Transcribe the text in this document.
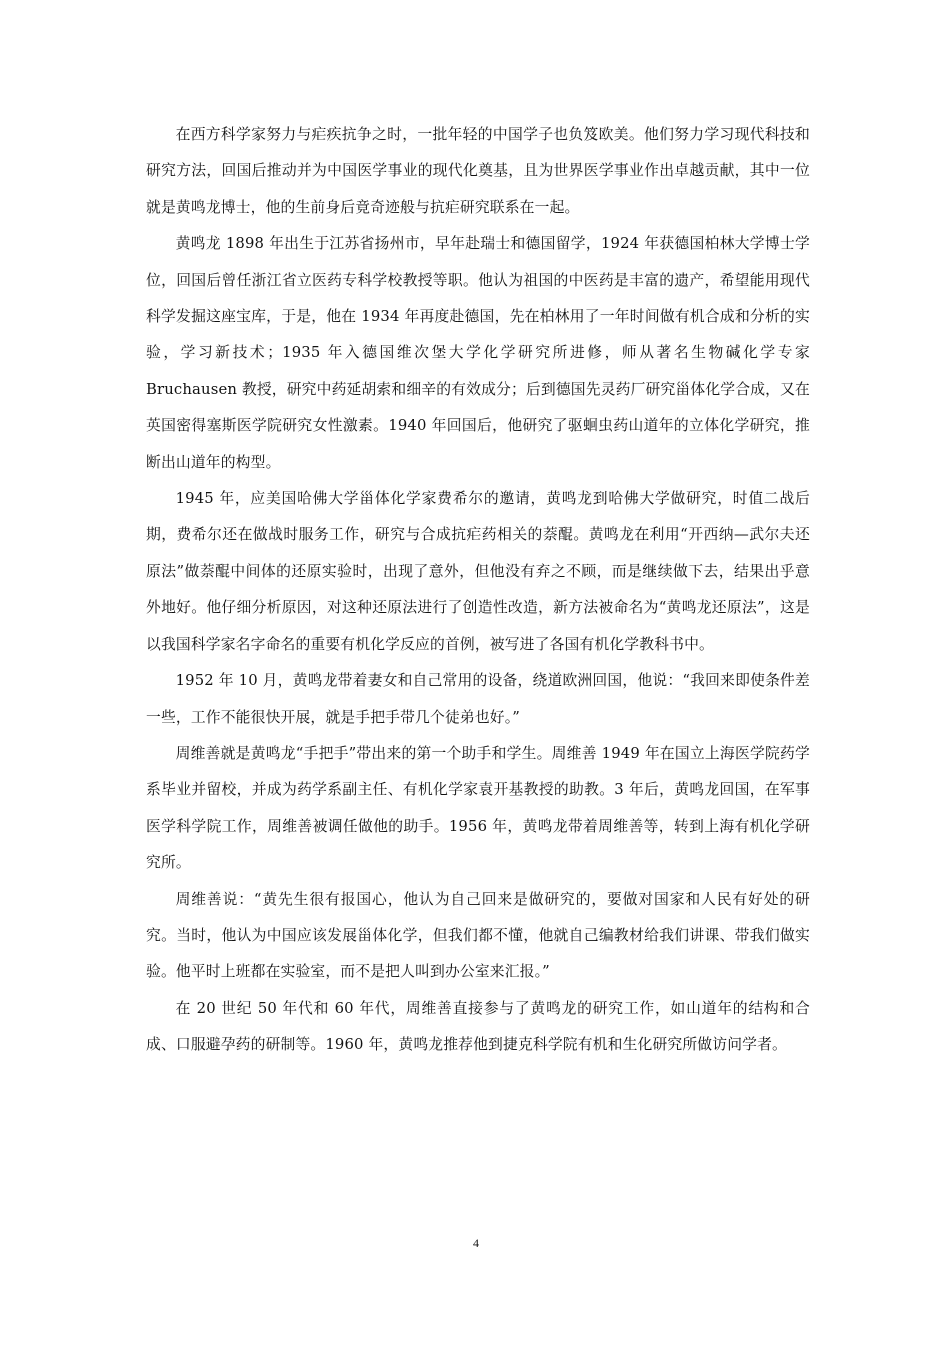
在西方科学家努力与疟疾抗争之时，一批年轻的中国学子也负笈欧美。他们努力学习现代科技和研究方法，回国后推动并为中国医学事业的现代化奠基，且为世界医学事业作出卓越贡献，其中一位就是黄鸣龙博士，他的生前身后竟奇迹般与抗疟研究联系在一起。

黄鸣龙 1898 年出生于江苏省扬州市，早年赴瑞士和德国留学，1924 年获德国柏林大学博士学位，回国后曾任浙江省立医药专科学校教授等职。他认为祖国的中医药是丰富的遗产，希望能用现代科学发掘这座宝库，于是，他在 1934 年再度赴德国，先在柏林用了一年时间做有机合成和分析的实验，学习新技术；1935 年入德国维次堡大学化学研究所进修，师从著名生物碱化学专家 Bruchausen 教授，研究中药延胡索和细辛的有效成分；后到德国先灵药厂研究甾体化学合成，又在英国密得塞斯医学院研究女性激素。1940 年回国后，他研究了驱蛔虫药山道年的立体化学研究，推断出山道年的构型。

1945 年，应美国哈佛大学甾体化学家费希尔的邀请，黄鸣龙到哈佛大学做研究，时值二战后期，费希尔还在做战时服务工作，研究与合成抗疟药相关的萘醌。黄鸣龙在利用“开西纳—武尔夫还原法”做萘醌中间体的还原实验时，出现了意外，但他没有弃之不顾，而是继续做下去，结果出乎意外地好。他仔细分析原因，对这种还原法进行了创造性改造，新方法被命名为“黄鸣龙还原法”，这是以我国科学家名字命名的重要有机化学反应的首例，被写进了各国有机化学教科书中。

1952 年 10 月，黄鸣龙带着妻女和自己常用的设备，绕道欧洲回国，他说：“我回来即使条件差一些，工作不能很快开展，就是手把手带几个徒弟也好。”

周维善就是黄鸣龙“手把手”带出来的第一个助手和学生。周维善 1949 年在国立上海医学院药学系毕业并留校，并成为药学系副主任、有机化学家袁开基教授的助教。3 年后，黄鸣龙回国，在军事医学科学院工作，周维善被调任做他的助手。1956 年，黄鸣龙带着周维善等，转到上海有机化学研究所。

周维善说：“黄先生很有报国心，他认为自己回来是做研究的，要做对国家和人民有好处的研究。当时，他认为中国应该发展甾体化学，但我们都不懂，他就自己编教材给我们讲课、带我们做实验。他平时上班都在实验室，而不是把人叫到办公室来汇报。”

在 20 世纪 50 年代和 60 年代，周维善直接参与了黄鸣龙的研究工作，如山道年的结构和合成、口服避孕药的研制等。1960 年，黄鸣龙推荐他到捷克科学院有机和生化研究所做访问学者。

4
